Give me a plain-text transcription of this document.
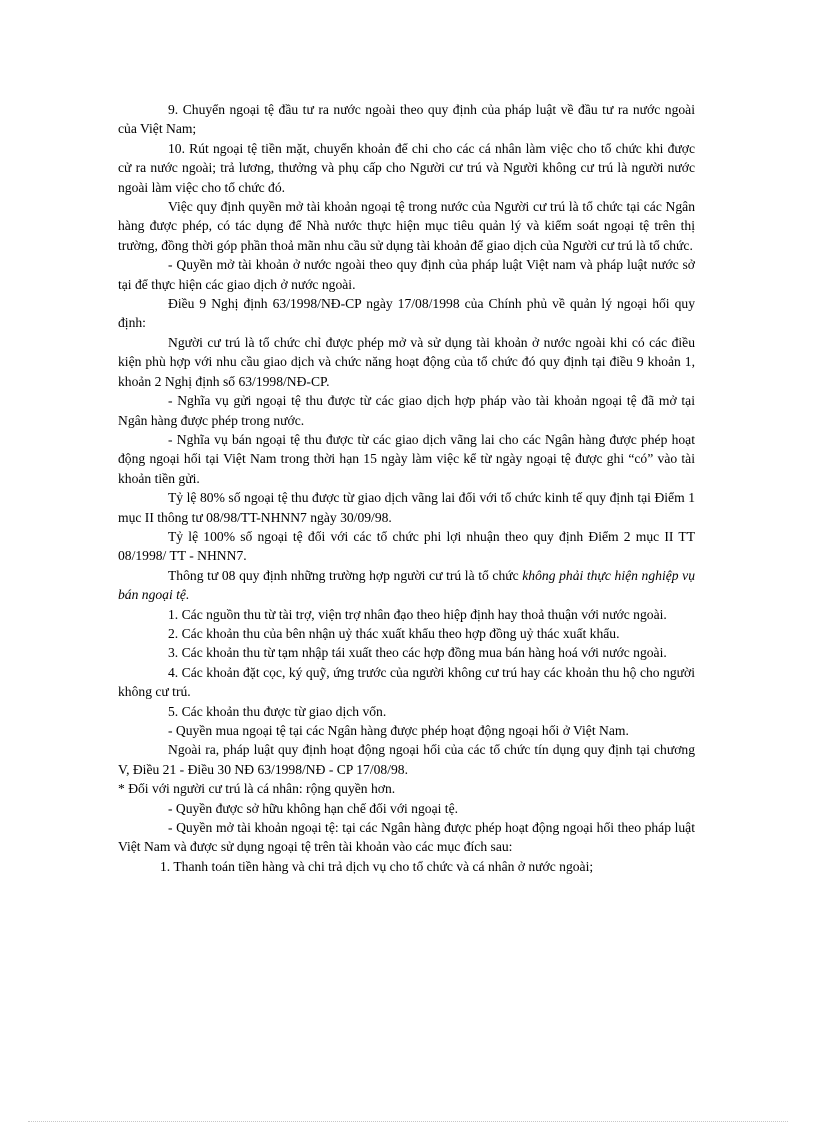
9. Chuyển ngoại tệ đầu tư ra nước ngoài theo quy định của pháp luật về đầu tư ra nước ngoài của Việt Nam;

10. Rút ngoại tệ tiền mặt, chuyển khoản để chi cho các cá nhân làm việc cho tổ chức khi được cử ra nước ngoài; trả lương, thưởng và phụ cấp cho Người cư trú và Người không cư trú là người nước ngoài làm việc cho tổ chức đó.

Việc quy định quyền mở tài khoản ngoại tệ trong nước của Người cư trú là tổ chức tại các Ngân hàng được phép, có tác dụng để Nhà nước thực hiện mục tiêu quản lý và kiểm soát ngoại tệ trên thị trường, đồng thời góp phần thoả mãn nhu cầu sử dụng tài khoản để giao dịch của Người cư trú là tổ chức.

- Quyền mở tài khoản ở nước ngoài theo quy định của pháp luật Việt nam và pháp luật nước sở tại để thực hiện các giao dịch ở nước ngoài.

Điều 9 Nghị định 63/1998/NĐ-CP ngày 17/08/1998 của Chính phủ về quản lý ngoại hối quy định:

Người cư trú là tổ chức chỉ được phép mở và sử dụng tài khoản ở nước ngoài khi có các điều kiện phù hợp với nhu cầu giao dịch và chức năng hoạt động của tổ chức đó quy định tại điều 9 khoản 1, khoản 2 Nghị định số 63/1998/NĐ-CP.

- Nghĩa vụ gửi ngoại tệ thu được từ các giao dịch hợp pháp vào tài khoản ngoại tệ đã mở tại Ngân hàng được phép trong nước.

- Nghĩa vụ bán ngoại tệ thu được từ các giao dịch vãng lai cho các Ngân hàng được phép hoạt động ngoại hối tại Việt Nam trong thời hạn 15 ngày làm việc kể từ ngày ngoại tệ được ghi “có” vào tài khoản tiền gửi.

Tỷ lệ 80% số ngoại tệ thu được từ giao dịch vãng lai đối với tổ chức kinh tế quy định tại Điểm 1 mục II thông tư 08/98/TT-NHNN7 ngày 30/09/98.

Tỷ lệ 100% số ngoại tệ đối với các tổ chức phi lợi nhuận theo quy định Điểm 2 mục II TT 08/1998/ TT - NHNN7.

Thông tư 08 quy định những trường hợp người cư trú là tổ chức không phải thực hiện nghiệp vụ bán ngoại tệ.

1. Các nguồn thu từ tài trợ, viện trợ nhân đạo theo hiệp định hay thoả thuận với nước ngoài.

2. Các khoản thu của bên nhận uỷ thác xuất khẩu theo hợp đồng uỷ thác xuất khẩu.

3. Các khoản thu từ tạm nhập tái xuất theo các hợp đồng mua bán hàng hoá với nước ngoài.

4. Các khoản đặt cọc, ký quỹ, ứng trước của người không cư trú hay các khoản thu hộ cho người không cư trú.

5. Các khoản thu được từ giao dịch vốn.

- Quyền mua ngoại tệ tại các Ngân hàng được phép hoạt động ngoại hối ở Việt Nam.

Ngoài ra, pháp luật quy định hoạt động ngoại hối của các tổ chức tín dụng quy định tại chương V, Điều 21 - Điều 30 NĐ 63/1998/NĐ - CP 17/08/98.

* Đối với người cư trú là cá nhân: rộng quyền hơn.

- Quyền được sở hữu không hạn chế đối với ngoại tệ.

- Quyền mở tài khoản ngoại tệ: tại các Ngân hàng được phép hoạt động ngoại hối theo pháp luật Việt Nam và được sử dụng ngoại tệ trên tài khoản vào các mục đích sau:

1. Thanh toán tiền hàng và chi trả dịch vụ cho tổ chức và cá nhân ở nước ngoài;
